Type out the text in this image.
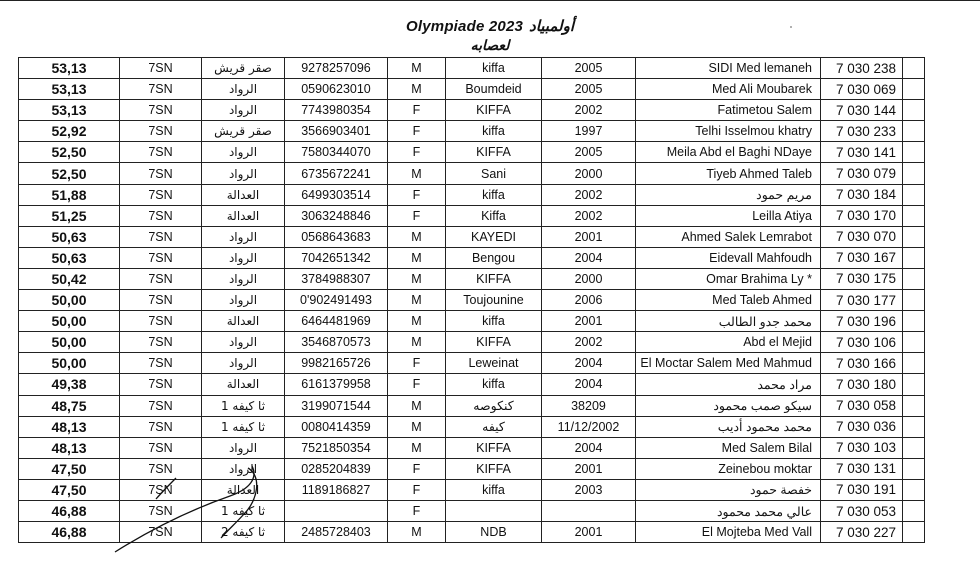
Olympiade 2023 أولمبياد
لعصابه
53,13	7SN	صقر قريش	9278257096	M	kiffa	2005	SIDI Med lemaneh	7 030 238	
53,13	7SN	الرواد	0590623010	M	Boumdeid	2005	Med Ali Moubarek	7 030 069	
53,13	7SN	الرواد	7743980354	F	KIFFA	2002	Fatimetou Salem	7 030 144	
52,92	7SN	صقر قريش	3566903401	F	kiffa	1997	Telhi Isselmou khatry	7 030 233	
52,50	7SN	الرواد	7580344070	F	KIFFA	2005	Meila Abd el Baghi NDaye	7 030 141	
52,50	7SN	الرواد	6735672241	M	Sani	2000	Tiyeb Ahmed Taleb	7 030 079	
51,88	7SN	العدالة	6499303514	F	kiffa	2002	مريم حمود	7 030 184	
51,25	7SN	العدالة	3063248846	F	Kiffa	2002	Leilla Atiya	7 030 170	
50,63	7SN	الرواد	0568643683	M	KAYEDI	2001	Ahmed Salek Lemrabot	7 030 070	
50,63	7SN	الرواد	7042651342	M	Bengou	2004	Eidevall Mahfoudh	7 030 167	
50,42	7SN	الرواد	3784988307	M	KIFFA	2000	Omar Brahima Ly *	7 030 175	
50,00	7SN	الرواد	0'902491493	M	Toujounine	2006	Med Taleb Ahmed	7 030 177	
50,00	7SN	العدالة	6464481969	M	kiffa	2001	محمد جدو الطالب	7 030 196	
50,00	7SN	الرواد	3546870573	M	KIFFA	2002	Abd el Mejid	7 030 106	
50,00	7SN	الرواد	9982165726	F	Leweinat	2004	El Moctar Salem Med Mahmud	7 030 166	
49,38	7SN	العدالة	6161379958	F	kiffa	2004	مراد محمد	7 030 180	
48,75	7SN	ثا كيفه 1	3199071544	M	كنكوصه	38209	سيكو صمب محمود	7 030 058	
48,13	7SN	ثا كيفه 1	0080414359	M	كيفه	11/12/2002	محمد محمود أديب	7 030 036	
48,13	7SN	الرواد	7521850354	M	KIFFA	2004	Med Salem Bilal	7 030 103	
47,50	7SN	الرواد	0285204839	F	KIFFA	2001	Zeinebou moktar	7 030 131	
47,50	7SN	العدالة	1189186827	F	kiffa	2003	خفصة حمود	7 030 191	
46,88	7SN	ثا كيفه 1		F			عالي محمد محمود	7 030 053	
46,88	7SN	ثا كيفه 2	2485728403	M	NDB	2001	El Mojteba Med Vall	7 030 227	
